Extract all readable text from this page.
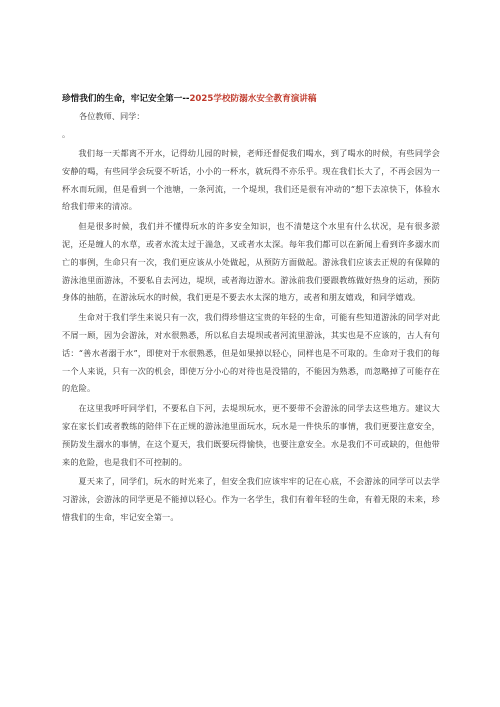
珍惜我们的生命，牢记安全第一--2025学校防溺水安全教育演讲稿
各位教师、同学：
。

我们每一天都离不开水，记得幼儿园的时候，老师还督促我们喝水，到了喝水的时候，有些同学会安静的喝，有些同学会玩耍不听话，小小的一杯水，就玩得不亦乐乎。现在我们长大了，不再会因为一杯水而玩闹，但是看到一个池塘，一条河流，一个堤坝，我们还是很有冲动的“想下去凉快下，体验水给我们带来的清凉。

但是很多时候，我们并不懂得玩水的许多安全知识，也不清楚这个水里有什么状况，是有很多淤泥，还是缠人的水草，或者水流太过于湍急，又或者水太深。每年我们都可以在新闻上看到许多溺水而亡的事例，生命只有一次，我们更应该从小处做起，从预防方面做起。游泳我们应该去正规的有保障的游泳池里面游泳，不要私自去河边，堤坝，或者海边游水。游泳前我们要跟教练做好热身的运动，预防身体的抽筋，在游泳玩水的时候，我们更是不要去水太深的地方，或者和朋友嬉戏，和同学嬉戏。

生命对于我们学生来说只有一次，我们得珍惜这宝贵的年轻的生命，可能有些知道游泳的同学对此不屑一顾，因为会游泳，对水很熟悉，所以私自去堤坝或者河流里游泳，其实也是不应该的，古人有句话：“善水者溺于水”，即使对于水很熟悉，但是如果掉以轻心，同样也是不可取的。生命对于我们的每一个人来说，只有一次的机会，即使万分小心的对待也是没错的，不能因为熟悉，而忽略掉了可能存在的危险。

在这里我呼吁同学们，不要私自下河，去堤坝玩水，更不要带不会游泳的同学去这些地方。建议大家在家长们或者教练的陪伴下在正规的游泳池里面玩水，玩水是一件快乐的事情，我们更要注意安全，预防发生溺水的事情，在这个夏天，我们既要玩得愉快，也要注意安全。水是我们不可或缺的，但他带来的危险，也是我们不可控制的。

夏天来了，同学们，玩水的时光来了，但安全我们应该牢牢的记在心底，不会游泳的同学可以去学习游泳，会游泳的同学更是不能掉以轻心。作为一名学生，我们有着年轻的生命，有着无限的未来，珍惜我们的生命，牢记安全第一。
